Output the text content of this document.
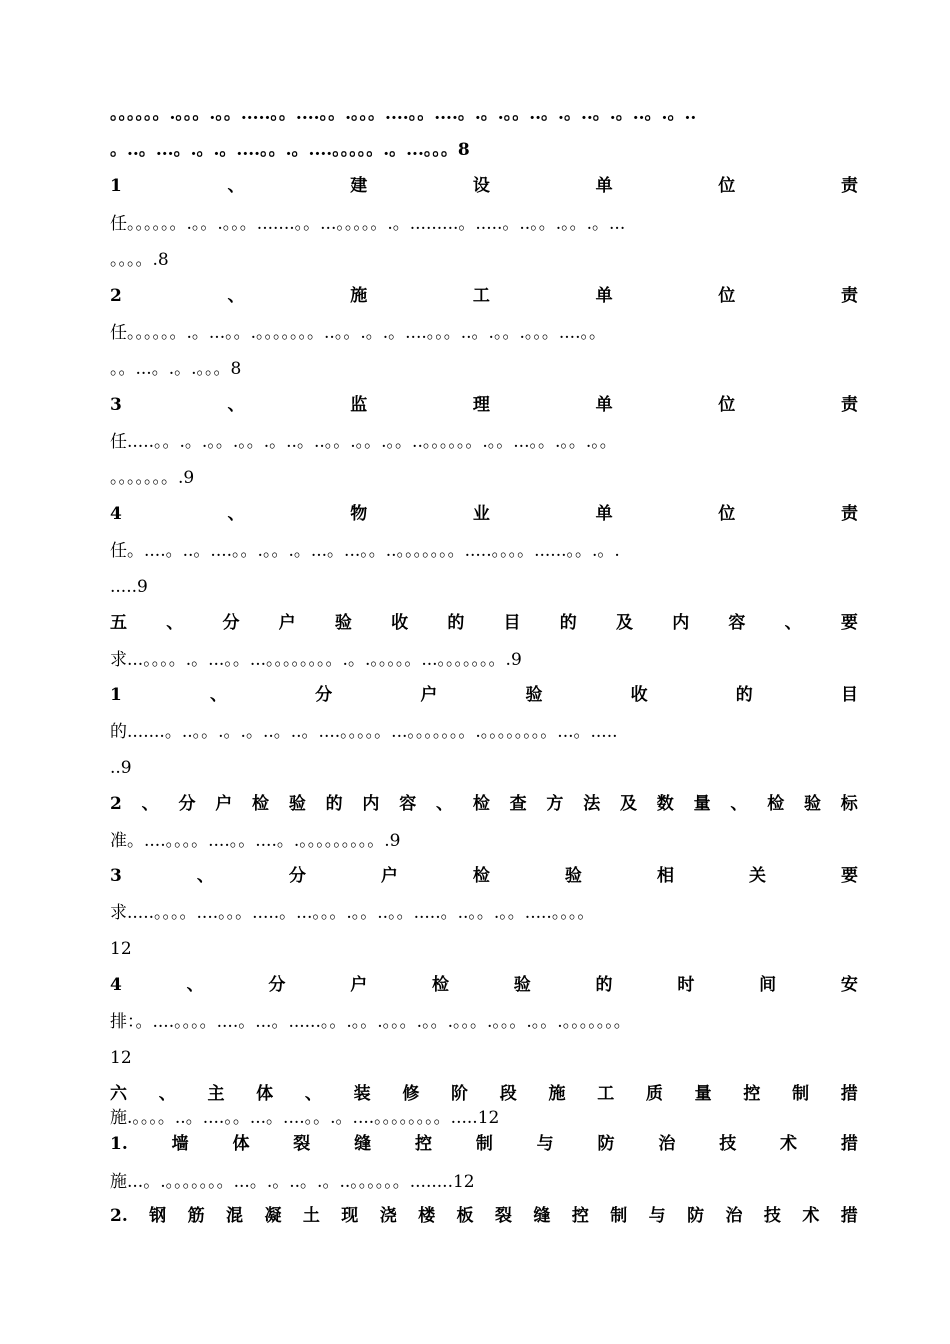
。。。。。。.。。。.。。.....。。....。。.。。。....。。....。.。.。。..。.。..。.。..。.。..
。..。...。.。.。....。。.。....。。。。。.。...。。。8
1	、	建	设	单	位	责
任。。。。。。.。。.。。。.......。。...。。。。。.。.........。.....。..。。.。。.。...
。。。。.8
2	、	施	工	单	位	责
任。。。。。。.。...。。.。。。。。。。..。。.。.。....。。。..。.。。.。。。....。。
。。...。.。.。。。8
3	、	监	理	单	位	责
任.....。。.。.。。.。。.。..。..。。.。。.。。..。。。。。。.。。...。。.。。.。。
。。。。。。。.9
4	、	物	业	单	位	责
任。....。..。....。。.。。.。...。...。。..。。。。。。。.....。。。。......。。.。.
.....9
五 、 分 户 验 收 的 目 的 及 内 容 、 要
求...。。。。.。...。。...。。。。。。。。.。.。。。。。...。。。。。。。.9
1	、	分	户	验	收	的	目
的.......。..。。.。.。..。..。....。。。。。...。。。。。。。.。。。。。。。。...。.....
..9
2 、 分 户 检 验 的 内 容 、 检 查 方 法 及 数 量 、 检 验 标
准。....。。。。....。。....。.。。。。。。。。。.9
3	、	分	户	检	验	相	关	要
求.....。。。。....。。。.....。...。。。.。。..。。.....。..。。.。。.....。。。。
12
4	、	分	户	检	验	的	时	间	安
排：。....。。。。....。...。......。。.。。.。。。.。。.。。。.。。。.。。.。。。。。。。
12
六 、 主 体 、 装 修 阶 段 施 工 质 量 控 制 措
施.。。。。..。....。。...。....。。.。....。。。。。。。。.....12
1.	墙	体	裂	缝	控	制	与	防	治	技	术	措
施...。.。。。。。。。...。.。..。.。..。。。。。。........12
2. 钢 筋 混 凝 土 现 浇 楼 板 裂 缝 控 制 与 防 治 技 术 措
